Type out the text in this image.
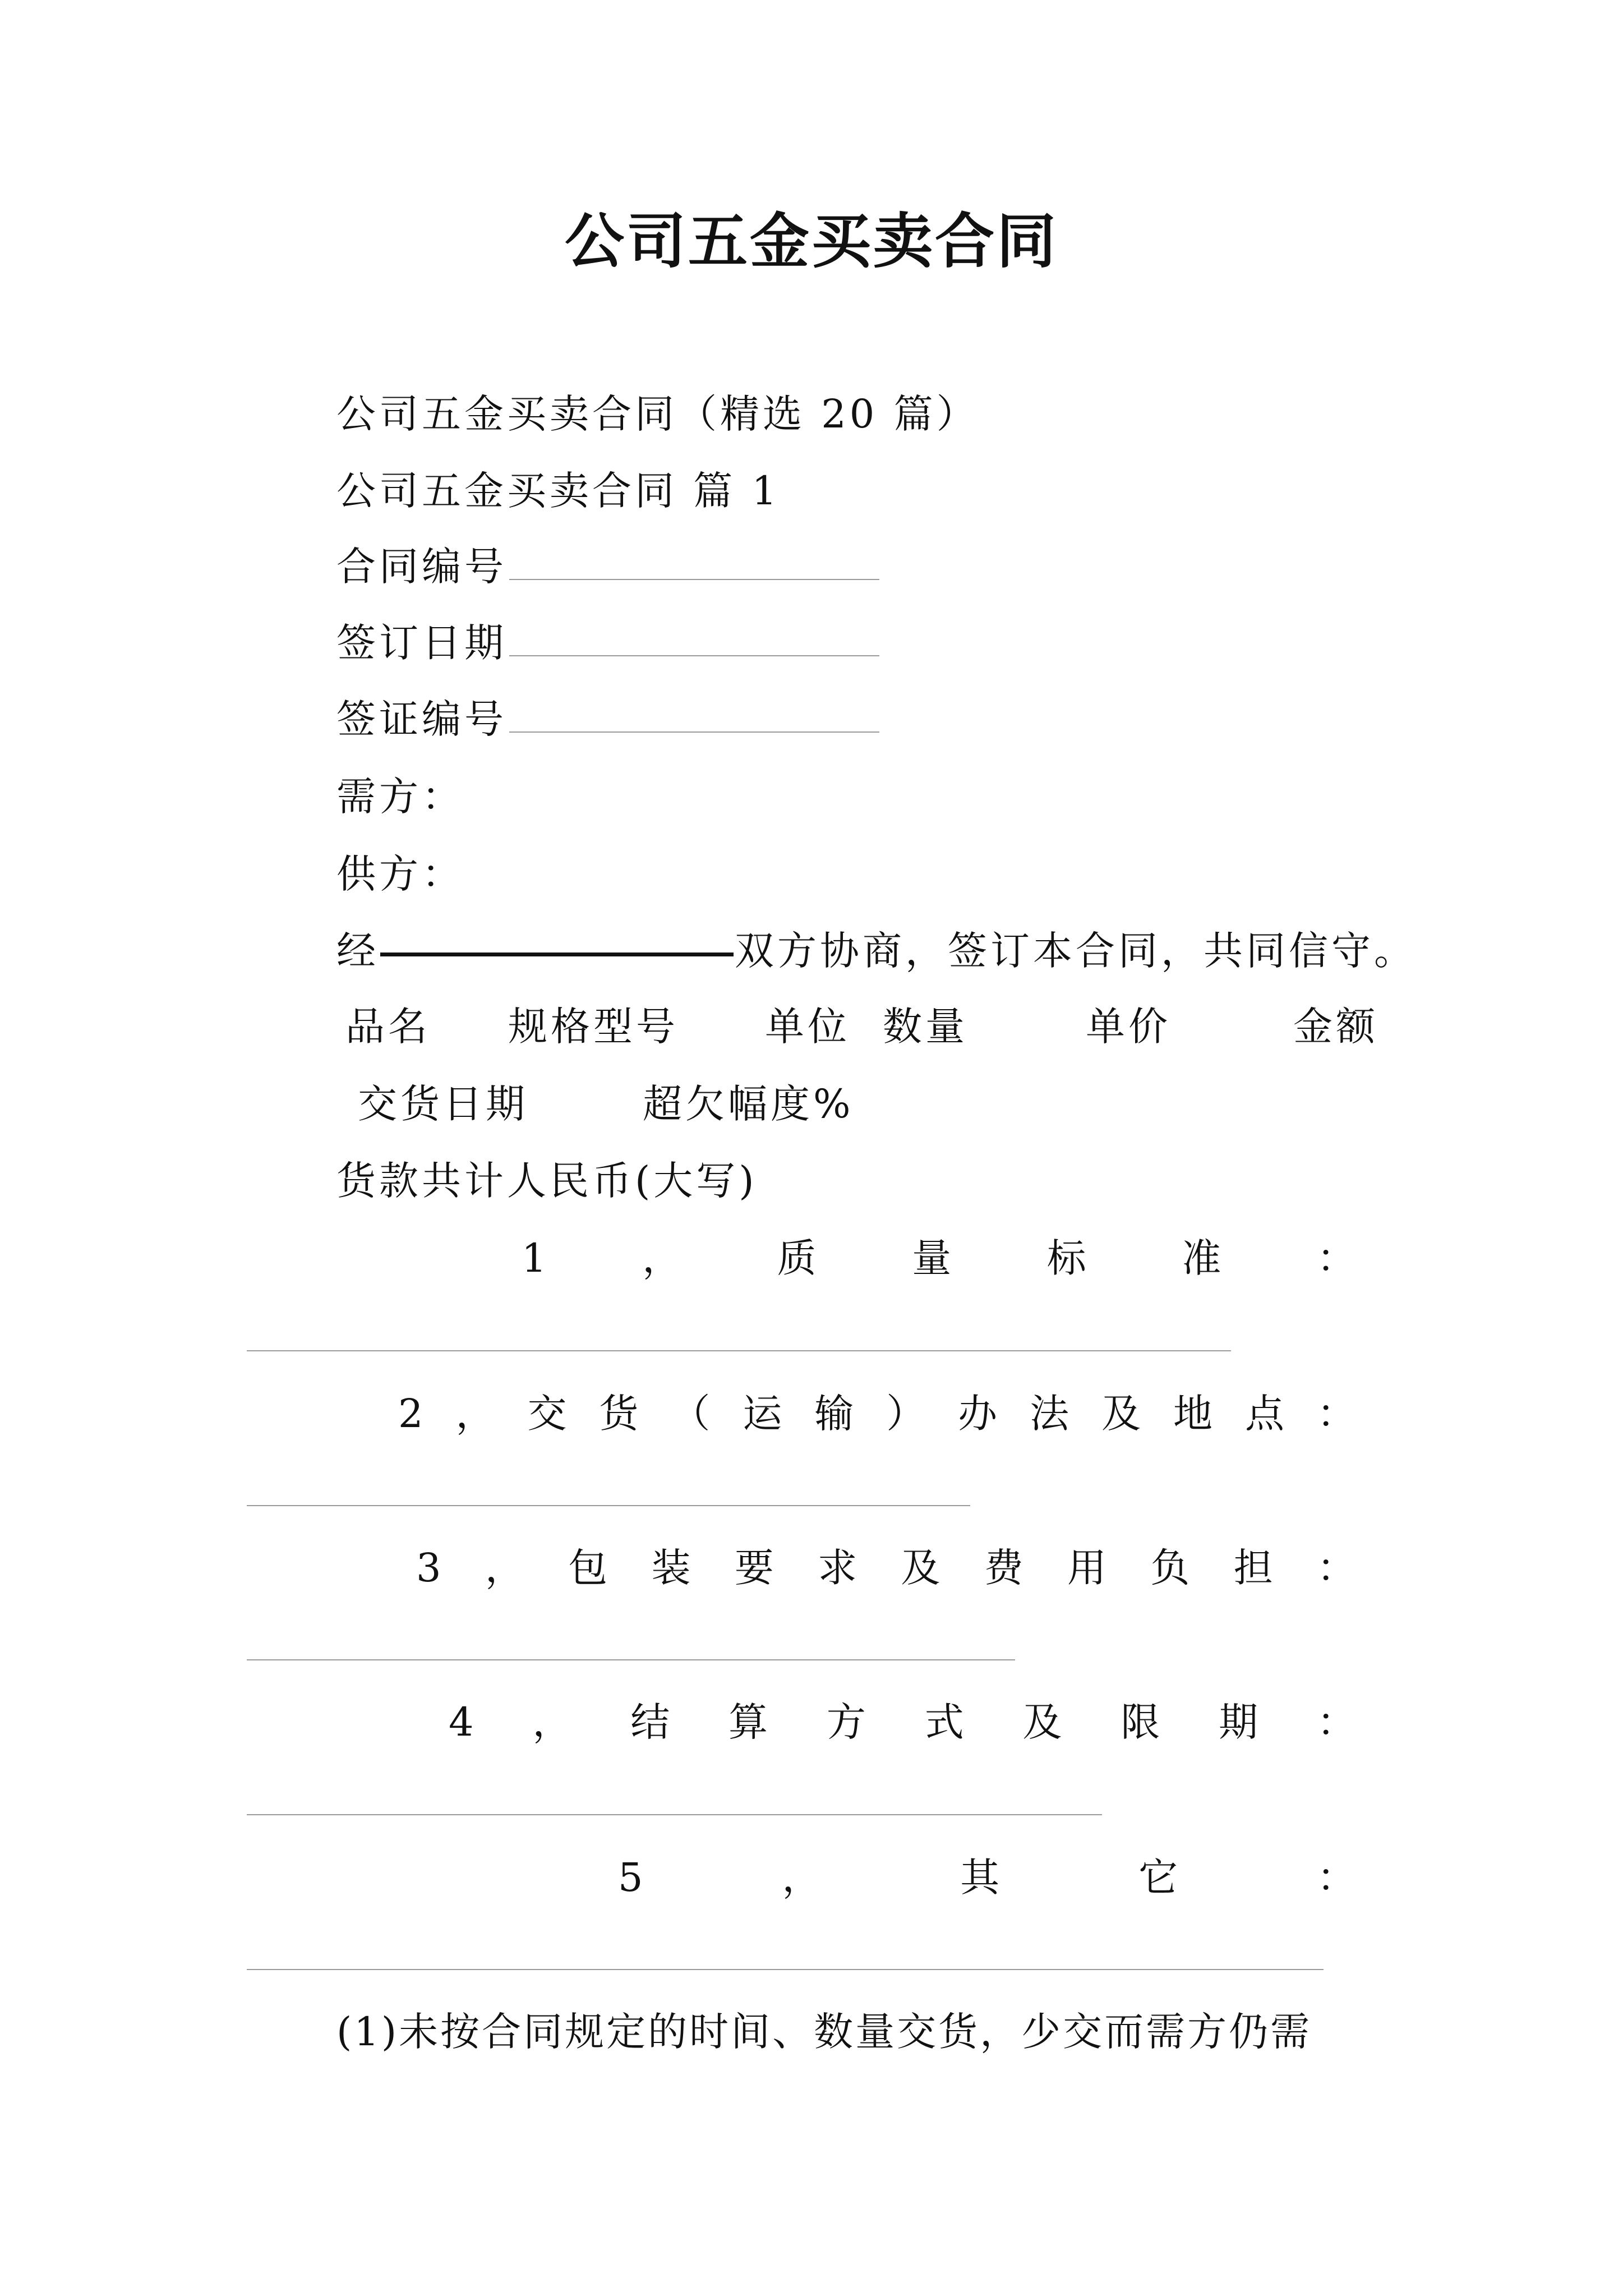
公司五金买卖合同
公司五金买卖合同（精选 20 篇）
公司五金买卖合同 篇 1
合同编号
签订日期
签证编号
需方：
供方：
经	双方协商，签订本合同，共同信守。
品名 规格型号 单位 数量	单价	金额
交货日期	超欠幅度%
货款共计人民币(大写)
1 ， 质 量 标 准 ：
2 ， 交 货 （ 运 输 ） 办 法 及 地 点 ：
3 ， 包 装 要 求 及 费 用 负 担 ：
4 ， 结 算 方 式 及 限 期 ：
5	，	其	它	：
(1)未按合同规定的时间、数量交货，少交而需方仍需
